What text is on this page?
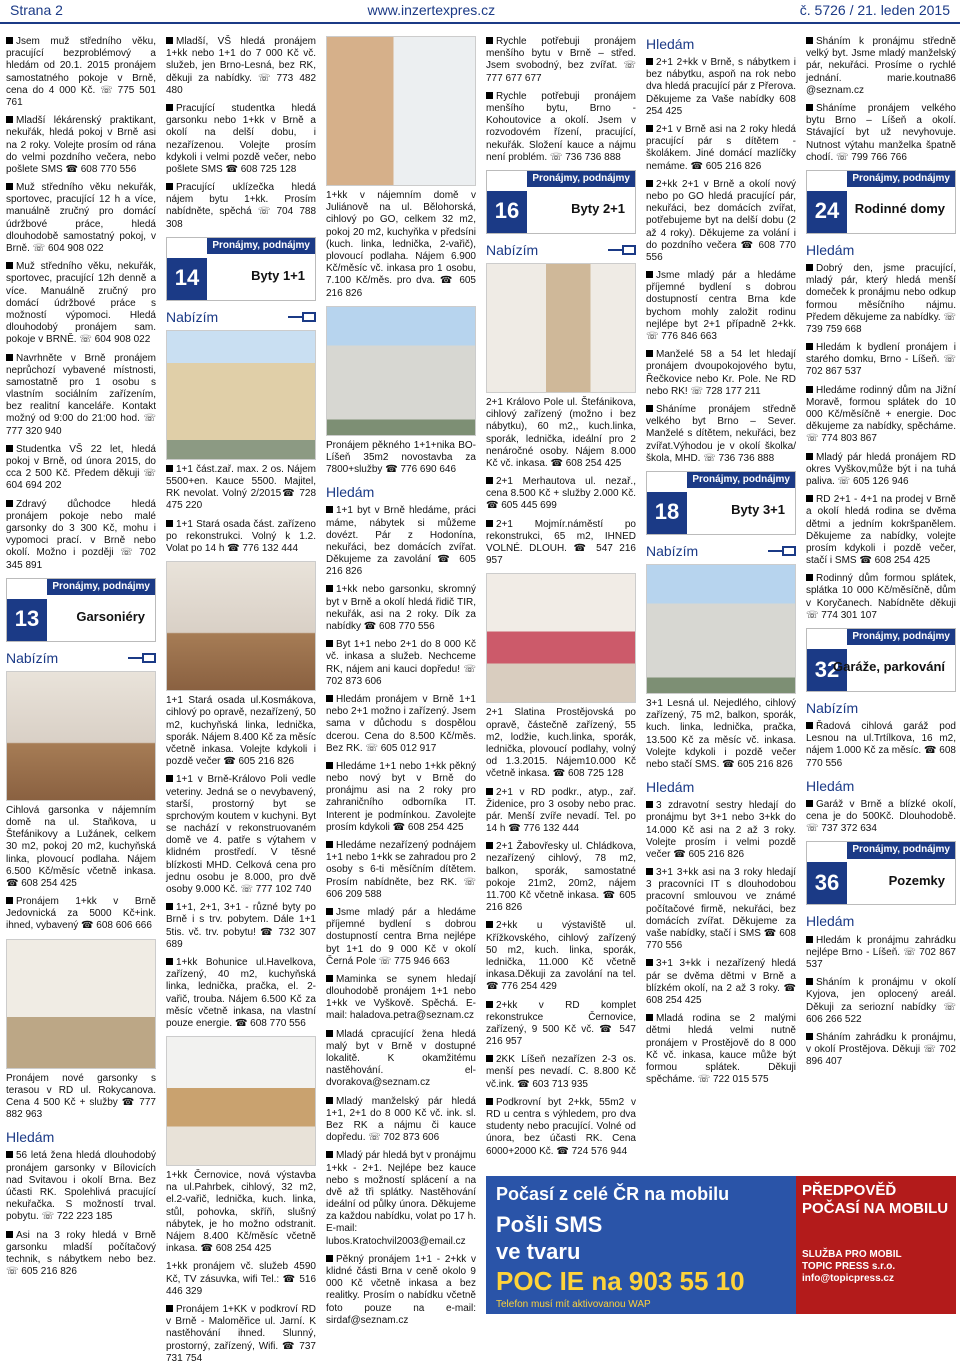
Strana 2	www.inzertexpres.cz	č. 5726 / 21. leden 2015
Jsem muž středního věku, pracující bezproblémový a hledám od 20.1. 2015 pronájem samostatného pokoje v Brně, cena do 4 000 Kč. ☏ 775 501 761
Mladší lékárenský praktikant, nekuřák, hledá pokoj v Brně asi na 2 roky. Volejte prosím od rána do velmi pozdního večera, nebo pošlete SMS ☎ 608 770 556
Muž středního věku nekuřák, sportovec, pracující 12 h a více, manuálně zručný pro domácí údržbové práce, hledá dlouhodobě samostatný pokoj, v Brně. ☏ 604 908 022
Muž středního věku, nekuřák, sportovec, pracující 12h denně a více. Manuálně zručný pro domácí údržbové práce s možností výpomoci. Hledá dlouhodobý pronájem sam. pokoje v BRNĚ. ☏ 604 908 022
Navrhněte v Brně pronájem neprůchozí vybavené místnosti, samostatně pro 1 osobu s vlastním sociálním zařízením, bez realitní kanceláře. Kontakt možný od 9:00 do 21:00 hod. ☏ 777 320 940
Studentka VŠ 22 let, hledá pokoj v Brně, od února 2015, do cca 2 500 Kč. Předem děkuji ☏ 604 694 202
Zdravý důchodce hledá pronájem pokoje nebo malé garsonky do 3 300 Kč, mohu i vypomoci prací. v Brně nebo okolí. Možno i později ☏ 702 345 891
Pronájmy, podnájmy
13	Garsoniéry
Nabízím
Cihlová garsonka v nájemním domě na ul. Staňkova, u Štefánikovy a Lužánek, celkem 30 m2, pokoj 20 m2, kuchyňská linka, plovoucí podlaha. Nájem 6.500 Kč/měsíc včetně inkasa. ☎ 608 254 425
Pronájem 1+kk v Brně Jedovnická za 5000 Kč+ink. ihned, vybavený ☎ 608 606 666
Pronájem nové garsonky s terasou v RD ul. Rokycanova. Cena 4 500 Kč + služby ☎ 777 882 963
Hledám
56 letá žena hledá dlouhodobý pronájem garsonky v Bílovicích nad Svitavou i okolí Brna. Bez účasti RK. Spolehlivá pracující nekuřačka. S možností trval. pobytu. ☏ 722 223 185
Asi na 3 roky hledá v Brně garsonku mladší počítačový technik, s nábytkem nebo bez. ☏ 605 216 826
Mladší, VŠ hledá pronájem 1+kk nebo 1+1 do 7 000 Kč vč. služeb, jen Brno-Lesná, bez RK, děkuji za nabídky. ☏ 773 482 480
Pracující studentka hledá garsonku nebo 1+kk v Brně a okolí na delší dobu, i nezařízenou. Volejte prosím kdykoli i velmi pozdě večer, nebo pošlete SMS ☎ 608 725 128
Pracující uklízečka hledá nájem bytu 1+kk. Prosím nabídněte, spěchá ☏ 704 788 308
Pronájmy, podnájmy
14	Byty 1+1
Nabízím
1+1 část.zař. max. 2 os. Nájem 5500+en. Kauce 5500. Majitel, RK nevolat. Volný 2/2015☎ 728 475 220
1+1 Stará osada část. zařízeno po rekonstrukci. Volný k 1.2. Volat po 14 h ☎ 776 132 444
1+1 Stará osada ul.Kosmákova, cihlový po opravě, nezařízený, 50 m2, kuchyňská linka, lednička, sporák. Nájem 8.400 Kč za měsíc včetně inkasa. Volejte kdykoli i pozdě večer ☎ 605 216 826
1+1 v Brně-Královo Poli vedle veteriny. Jedná se o nevybavený, starší, prostorný byt se sprchovým koutem v kuchyni. Byt se nachází v rekonstruovaném domě ve 4. patře s výtahem v klidném prostředí. V těsné blízkosti MHD. Celková cena pro jednu osobu je 8.000, pro dvě osoby 9.000 Kč. ☏ 777 102 740
1+1, 2+1, 3+1 - různé byty po Brně i s trv. pobytem. Dále 1+1 5tis. vč. trv. pobytu! ☎ 732 307 689
1+kk Bohunice ul.Havelkova, zařízený, 40 m2, kuchyňská linka, lednička, pračka, el. 2-vařič, trouba. Nájem 6.500 Kč za měsíc včetně inkasa, na vlastní pouze energie. ☎ 608 770 556
1+kk Černovice, nová výstavba na ul.Pahrbek, cihlový, 32 m2, el.2-vařič, lednička, kuch. linka, stůl, pohovka, skříň, slušný nábytek, je ho možno odstranit. Nájem 8.400 Kč/měsíc včetně inkasa. ☎ 608 254 425
1+kk pronájem vč. služeb 4590 Kč, TV zásuvka, wifi Tel.: ☎ 516 446 329
Pronájem 1+KK v podkroví RD v Brně - Maloměřice ul. Jarní. K nastěhování ihned. Slunný, prostorný, zařízený, Wifi. ☎ 737 731 754
1+kk v nájemním domě v Juliánově na ul. Bělohorská, cihlový po GO, celkem 32 m2, pokoj 20 m2, kuchyňka v předsíni (kuch. linka, lednička, 2-vařič), plovoucí podlaha. Nájem 6.900 Kč/měsíc vč. inkasa pro 1 osobu, 7.100 Kč/měs. pro dva. ☎ 605 216 826
Pronájem pěkného 1+1+nika BO-Líšeň 35m2 novostavba za 7800+služby ☎ 776 690 646
Hledám
1+1 byt v Brně hledáme, práci máme, nábytek si můžeme dovézt. Pár z Hodonína, nekuřáci, bez domácích zvířat. Děkujeme za zavolání ☎ 605 216 826
1+kk nebo garsonku, skromný byt v Brně a okolí hledá řidič TIR, nekuřák, asi na 2 roky. Dík za nabídky ☎ 608 770 556
Byt 1+1 nebo 2+1 do 8 000 Kč vč. inkasa a služeb. Nechceme RK, nájem ani kauci dopředu! ☏ 702 873 606
Hledám pronájem v Brně 1+1 nebo 2+1 možno i zařízený. Jsem sama v důchodu s dospělou dcerou. Cena do 8.500 Kč/měs. Bez RK. ☏ 605 012 917
Hledáme 1+1 nebo 1+kk pěkný nebo nový byt v Brně do pronájmu asi na 2 roky pro zahraničního odborníka IT. Interent je podmínkou. Zavolejte prosím kdykoli ☎ 608 254 425
Hledáme nezařízený podnájem 1+1 nebo 1+kk se zahradou pro 2 osoby s 6-ti měsíčním dítětem. Prosím nabídněte, bez RK. ☏ 606 209 588
Jsme mladý pár a hledáme příjemné bydlení s dobrou dostupností centra Brna nejlépe byt 1+1 do 9 000 Kč v okolí Černá Pole ☏ 775 946 663
Maminka se synem hledají dlouhodobě pronájem 1+1 nebo 1+kk ve Vyškově. Spěchá. E-mail: haladova.petra@seznam.cz
Mladá cpracující žena hledá malý byt v Brně v dostupné lokalitě. K okamžitému nastěhování. el-dvorakova@seznam.cz
Mladý manželský pár hledá 1+1, 2+1 do 8 000 Kč vč. ink. sl. Bez RK a nájmu či kauce dopředu. ☏ 702 873 606
Mladý pár hledá byt v pronájmu 1+kk - 2+1. Nejlépe bez kauce nebo s možností splácení a na dvě až tři splátky. Nastěhování ideální od půlky února. Děkujeme za každou nabídku, volat po 17 h. E-mail: lubos.Kratochvil2003@email.cz
Pěkný pronájem 1+1 - 2+kk v klidné části Brna v ceně okolo 9 000 Kč včetně inkasa a bez realitky. Prosím o nabídku včetně foto pouze na e-mail: sirdaf@seznam.cz
Rychle potřebuji pronájem menšího bytu v Brně – střed. Jsem svobodný, bez zvířat. ☏ 777 677 677
Rychle potřebuji pronájem menšího bytu, Brno - Kohoutovice a okolí. Jsem v rozvodovém řízení, pracující, nekuřák. Složení kauce a nájmu není problém. ☏ 736 736 888
Pronájmy, podnájmy
16	Byty 2+1
Nabízím
2+1 Královo Pole ul. Štefánikova, cihlový zařízený (možno i bez nábytku), 60 m2,, kuch.linka, sporák, lednička, ideální pro 2 nenáročné osoby. Nájem 8.000 Kč vč. inkasa. ☎ 608 254 425
2+1 Merhautova ul. nezař., cena 8.500 Kč + služby 2.000 Kč. ☎ 605 445 699
2+1 Mojmír.náměstí po rekonstrukci, 65 m2, IHNED VOLNÉ. DLOUH. ☎ 547 216 957
2+1 Slatina Prostějovská po opravě, částečně zařízený, 55 m2, lodžie, kuch.linka, sporák, lednička, plovoucí podlahy, volný od 1.3.2015. Nájem10.000 Kč včetně inkasa. ☎ 608 725 128
2+1 v RD podkr., atyp., zař. Židenice, pro 3 osoby nebo prac. pár. Menší zvíře nevadí. Tel. po 14 h ☎ 776 132 444
2+1 Žabovřesky ul. Chládkova, nezařízený cihlový, 78 m2, balkon, sporák, samostatné pokoje 21m2, 20m2, nájem 11.700 Kč včetně inkasa. ☎ 605 216 826
2+kk u výstaviště ul. Křížkovského, cihlový zařízený 50 m2, kuch. linka, sporák, lednička, 11.000 Kč včetně inkasa.Děkuji za zavolání na tel. ☎ 776 254 429
2+kk v RD komplet rekonstrukce Černovice, zařízený, 9 500 Kč vč. ☎ 547 216 957
2KK Líšeň nezařízen 2-3 os. menší pes nevadí. C. 8.800 Kč vč.ink. ☎ 603 713 935
Podkrovní byt 2+kk, 55m2 v RD u centra s výhledem, pro dva studenty nebo pracující. Volné od února, bez účasti RK. Cena 6000+2000 Kč. ☎ 724 576 944
Hledám
2+1 2+kk v Brně, s nábytkem i bez nábytku, aspoň na rok nebo dva hledá pracující pár z Přerova. Děkujeme za Vaše nabídky 608 254 425
2+1 v Brně asi na 2 roky hledá pracující pár s dítětem - školákem. Jiné domácí mazlíčky nemáme. ☎ 605 216 826
2+kk 2+1 v Brně a okolí nový nebo po GO hledá pracující pár, nekuřáci, bez domácích zvířat, potřebujeme byt na delší dobu (2 až 4 roky). Děkujeme za volání i do pozdního večera ☎ 608 770 556
Jsme mladý pár a hledáme příjemné bydlení s dobrou dostupností centra Brna kde bychom mohly založit rodinu nejlépe byt 2+1 případně 2+kk. ☏ 776 846 663
Manželé 58 a 54 let hledají pronájem dvoupokojového bytu, Řečkovice nebo Kr. Pole. Ne RD nebo RK! ☏ 728 177 211
Sháníme pronájem středně velkého byt Brno – Sever. Manželé s dítětem, nekuřáci, bez zvířat.Výhodou je v okolí školka/škola, MHD. ☏ 736 736 888
Pronájmy, podnájmy
18	Byty 3+1
Nabízím
3+1 Lesná ul. Nejedlého, cihlový zařízený, 75 m2, balkon, sporák, kuch. linka, lednička, pračka, 13.500 Kč za měsíc vč. inkasa. Volejte kdykoli i pozdě večer nebo stačí SMS. ☎ 605 216 826
Hledám
3 zdravotní sestry hledají do pronájmu byt 3+1 nebo 3+kk do 14.000 Kč asi na 2 až 3 roky. Volejte prosím i velmi pozdě večer ☎ 605 216 826
3+1 3+kk asi na 3 roky hledají 3 pracovníci IT s dlouhodobou pracovní smlouvou ve známé počítačové firmě, nekuřáci, bez domácích zvířat. Děkujeme za vaše nabídky, stačí i SMS ☎ 608 770 556
3+1 3+kk i nezařízený hledá pár se dvěma dětmi v Brně a blízkém okolí, na 2 až 3 roky. ☎ 608 254 425
Mladá rodina se 2 malými dětmi hledá velmi nutně pronájem v Prostějově do 8 000 Kč vč. inkasa, kauce může být formou splátek. Děkuji spěcháme. ☏ 722 015 575
Sháním k pronájmu středně velký byt. Jsme mladý manželský pár, nekuřáci. Prosíme o rychlé jednání. marie.koutna86 @seznam.cz
Sháníme pronájem velkého bytu Brno – Líšeň a okolí. Stávající byt už nevyhovuje. Nutnost výtahu manželka špatně chodí. ☏ 799 766 766
Pronájmy, podnájmy
24	Rodinné domy
Hledám
Dobrý den, jsme pracující, mladý pár, který hledá menší domeček k pronájmu nebo odkup formou měsíčního nájmu. Předem děkujeme za nabídky. ☏ 739 759 668
Hledám k bydlení pronájem i starého domku, Brno - Líšeň. ☏ 702 867 537
Hledáme rodinný dům na Jižní Moravě, formou splátek do 10 000 Kč/měsíčně + energie. Doc děkujeme za nabídky, spěcháme. ☏ 774 803 867
Mladý pár hledá pronájem RD okres Vyškov,může být i na tuhá paliva. ☏ 605 126 946
RD 2+1 - 4+1 na prodej v Brně a okolí hledá rodina se dvěma dětmi a jedním kokršpanělem. Děkujeme za nabídky, volejte prosím kdykoli i pozdě večer, stačí i SMS ☎ 608 254 425
Rodinný dům formou splátek, splátka 10 000 Kč/měsíčně, dům v Koryčanech. Nabídněte děkuji ☏ 774 301 107
Pronájmy, podnájmy
32
Garáže, parkování
Nabízím
Řadová cihlová garáž pod Lesnou na ul.Trtílkova, 16 m2, nájem 1.000 Kč za měsíc. ☎ 608 770 556
Hledám
Garáž v Brně a blízké okolí, cena je do 500Kč. Dlouhodobě. ☏ 737 372 634
Pronájmy, podnájmy
36	Pozemky
Hledám
Hledám k pronájmu zahrádku nejlépe Brno - Líšeň. ☏ 702 867 537
Sháním k pronájmu v okolí Kyjova, jen oplocený areál. Děkuji za seriozní nabídky ☏ 606 266 522
Sháním zahrádku k pronájmu, v okolí Prostějova. Děkuji ☏ 702 896 407
Počasí z celé ČR na mobilu
Pošli SMS
ve tvaru
POC IE na 903 55 10
Telefon musí mít aktivovanou WAP
PŘEDPOVĚĎ POČASÍ NA MOBILU
SLUŽBA PRO MOBIL
TOPIC PRESS s.r.o. info@topicpress.cz
